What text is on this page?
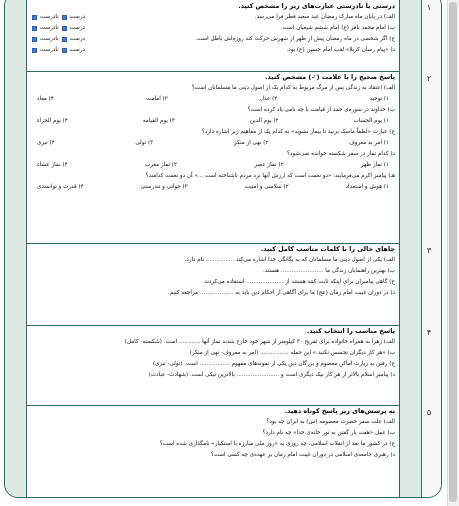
۱
درستی یا نادرستی عبارت‌های زیر را مشخص کنید.
الف) در پایان ماه مبارک رمضان عید سعید فطر فرا می‌رسد.
نادرست درست
ب) امام محمد باقر (ع) امام ششم شیعیان است.
نادرست درست
ج) اگر شخصی در ماه رمضان پیش از ظهر از شهرش حرکت کند روزه‌اش باطل است.
نادرست درست
د) «پیام رسان کربلا» لقب امام حسین (ع) بود.
نادرست درست
۲
پاسخ صحیح را با علامت (✓) مشخص کنید.
الف) اعتقاد به زندگی پس از مرگ مربوط به کدام یک از اصول دینی ما مسلمانان است؟
۱) توحید
۲) عدل
۳) امامت
۴) معاد
ب) خداوند در سوره‌ی حمد از قیامت با چه نامی یاد کرده است؟
۱) یوم الحساب
۲) یوم الدین
۳) یوم القیامه
۴) یوم الجزاء
ج) عبارت «لطفاً ماسک بزنید تا بیمار نشوید» به کدام یک از مفاهیم زیر اشاره دارد؟
۱) امر به معروف
۲) نهی از منکر
۳) تولی
۴) تبری
د) کدام نماز در سفر شکسته خوانده نمی‌شود؟
۱) نماز ظهر
۲) نماز عصر
۳) نماز مغرب
۴) نماز عشاء
هـ) پیامبر اکرم می‌فرمایند: «دو نعمت است که ارزش آنها نزد مردم ناشناخته است ...» آن دو نعمت کدامند؟
۱) هوش و استعداد
۲) سلامتی و امنیت
۳) جوانی و تندرستی
۴) قدرت و توانمندی
۳
جاهای خالی را با کلمات مناسب کامل کنید.
الف) یکی از اصول دینی ما مسلمانان که به یگانگی خدا اشاره می‌کند ................ نام دارد.
ب) بهترین راهنمایان زندگی ما ........................ هستند.
ج) گاهی پیامبران برای اینکه ثابت کنند هستند از ..................... استفاده می‌کردند.
د) در دوران غیبت امام زمان (عج) ما برای آگاهی از احکام دین باید به ................... مراجعه کنیم.
۴
پاسخ مناسب را انتخاب کنید.
الف) زهرا به همراه خانواده برای تفریح ۳۰ کیلومتر از شهر خود خارج شدند نماز آنها ............ است. (شکسته- کامل)
ب) «هر کار دیگران تجسس نکنید.» این جمله ................ (امر به معروف- نهی از منکر)
ج) رفتن به زیارت اماکن معصوم و بزرگان دین یکی از نمونه‌های مفهوم ................. است. (تولی- تبری)
د) پیامبر اسلام بالاتر از هر کار نیک دیگری است و ........................ بالاترین نیکی است. (شهادت- عبادت)
۵
به پرسش‌های زیر پاسخ کوتاه دهید.
الف) علت سفر حضرت معصومه (س) به ایران چه بود؟
ب) عمل «هفت بار گفتن به نور خانه‌ی خدا» چه نام دارد؟
ج) در کشور ما بعد از انقلاب اسلامی، چه روزی به «روز ملی مبارزه با استکبار» نامگذاری شده است؟
د) رهبری جامعه‌ی اسلامی در دوران غیبت امام زمان بر عهده‌ی چه کسی است؟
